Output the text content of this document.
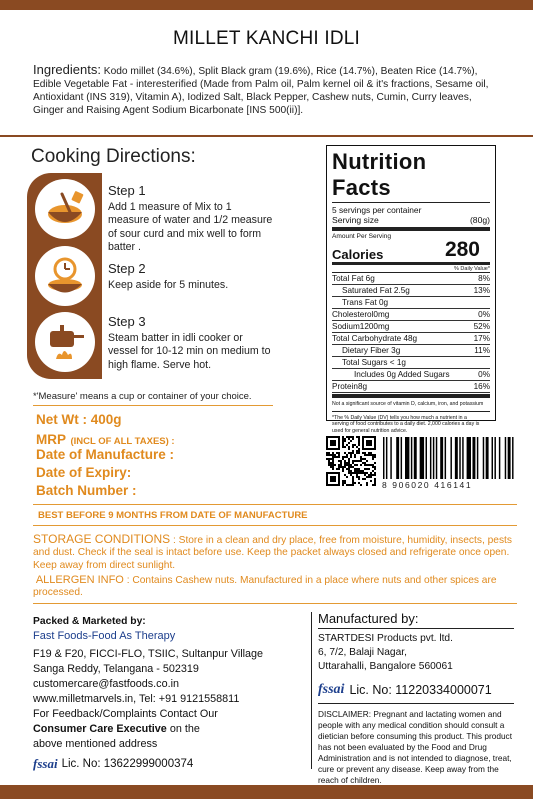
MILLET KANCHI IDLI
Ingredients: Kodo millet (34.6%), Split Black gram (19.6%), Rice (14.7%), Beaten Rice (14.7%), Edible Vegetable Fat - interesterified (Made from Palm oil, Palm kernel oil & it's fractions, Sesame oil, Antioxidant (INS 319), Vitamin A), Iodized Salt, Black Pepper, Cashew nuts, Cumin, Curry leaves, Ginger and Raising Agent Sodium Bicarbonate [INS 500(ii)].
Cooking Directions:
Step 1
Add 1 measure of Mix to 1 measure of water and 1/2 measure of sour curd and mix well to form batter .
Step 2
Keep aside for 5 minutes.
Step 3
Steam batter in idli cooker or vessel for 10-12 min on medium to high flame. Serve hot.
*'Measure' means a cup or container of your choice.
Net Wt : 400g
MRP (INCL OF ALL TAXES) :
Date of Manufacture :
Date of Expiry:
Batch Number :
BEST BEFORE 9 MONTHS FROM DATE OF MANUFACTURE
STORAGE CONDITIONS : Store in a clean and dry place, free from moisture, humidity, insects, pests and dust. Check if the seal is intact before use. Keep the packet always closed and refrigerate once open. Keep away from direct sunlight.
ALLERGEN INFO : Contains Cashew nuts. Manufactured in a place where nuts and other spices are processed.
Nutrition Facts
5 servings per container
Serving size	(80g)
Amount Per Serving
Calories	280
% Daily Value*
Total Fat 6g	8%
Saturated Fat 2.5g	13%
Trans Fat 0g
Cholesterol0mg	0%
Sodium1200mg	52%
Total Carbohydrate 48g	17%
Dietary Fiber 3g	11%
Total Sugars < 1g
Includes 0g Added Sugars	0%
Protein8g	16%
Not a significant source of vitamin D, calcium, iron, and potassium
*The % Daily Value (DV) tells you how much a nutrient in a serving of food contributes to a daily diet. 2,000 calories a day is used for general nutrition advice.
8 906020 416141
Packed & Marketed by:
Fast Foods-Food As Therapy
F19 & F20, FICCI-FLO, TSIIC, Sultanpur Village
Sanga Reddy, Telangana - 502319
customercare@fastfoods.co.in
www.milletmarvels.in, Tel: +91 9121558811
For Feedback/Complaints Contact Our
Consumer Care Executive on the
above mentioned address
fssai Lic. No: 13622999000374
Manufactured by:
STARTDESI Products pvt. ltd.
6, 7/2, Balaji Nagar,
Uttarahalli, Bangalore 560061
fssai Lic. No: 11220334000071
DISCLAIMER: Pregnant and lactating women and people with any medical condition should consult a dietician before consuming this product. This product has not been evaluated by the Food and Drug Administration and is not intended to diagnose, treat, cure or prevent any disease. Keep away from the reach of children.
